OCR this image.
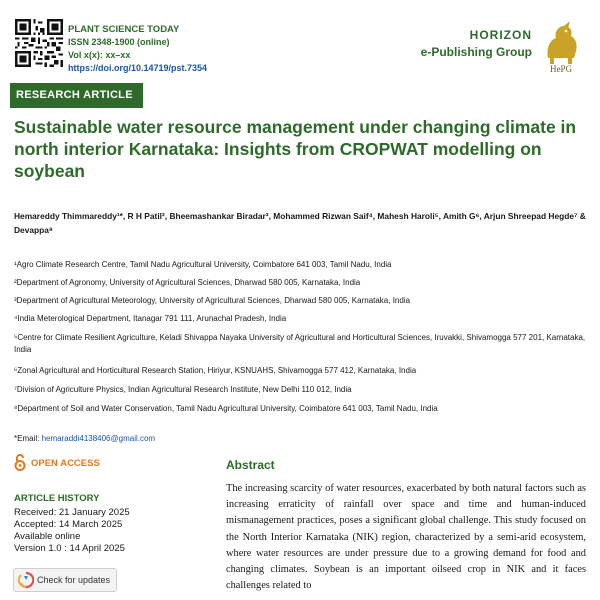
PLANT SCIENCE TODAY
ISSN 2348-1900 (online)
Vol x(x): xx–xx
https://doi.org/10.14719/pst.7354
HORIZON
e-Publishing Group
HePG
RESEARCH ARTICLE
Sustainable water resource management under changing climate in north interior Karnataka: Insights from CROPWAT modelling on soybean
Hemareddy Thimmareddy¹*, R H Patil², Bheemashankar Biradar³, Mohammed Rizwan Saif⁴, Mahesh Haroli⁵, Amith G⁶, Arjun Shreepad Hegde⁷ & Devappa⁸
¹Agro Climate Research Centre, Tamil Nadu Agricultural University, Coimbatore 641 003, Tamil Nadu, India
²Department of Agronomy, University of Agricultural Sciences, Dharwad 580 005, Karnataka, India
³Department of Agricultural Meteorology, University of Agricultural Sciences, Dharwad 580 005, Karnataka, India
⁴India Meterological Department, Itanagar 791 111, Arunachal Pradesh, India
⁵Centre for Climate Resilient Agriculture, Keladi Shivappa Nayaka University of Agricultural and Horticultural Sciences, Iruvakki, Shivamogga 577 201, Karnataka, India
⁶Zonal Agricultural and Horticultural Research Station, Hiriyur, KSNUAHS, Shivamogga 577 412, Karnataka, India
⁷Division of Agriculture Physics, Indian Agricultural Research Institute, New Delhi 110 012, India
⁸Department of Soil and Water Conservation, Tamil Nadu Agricultural University, Coimbatore 641 003, Tamil Nadu, India
*Email: hemaraddi4138406@gmail.com
OPEN ACCESS
ARTICLE HISTORY
Received: 21 January 2025
Accepted: 14 March 2025
Available online
Version 1.0 : 14 April 2025
Check for updates
Abstract
The increasing scarcity of water resources, exacerbated by both natural factors such as increasing erraticity of rainfall over space and time and human-induced mismanagement practices, poses a significant global challenge. This study focused on the North Interior Karnataka (NIK) region, characterized by a semi-arid ecosystem, where water resources are under pressure due to a growing demand for food and changing climates. Soybean is an important oilseed crop in NIK and it faces challenges related to
